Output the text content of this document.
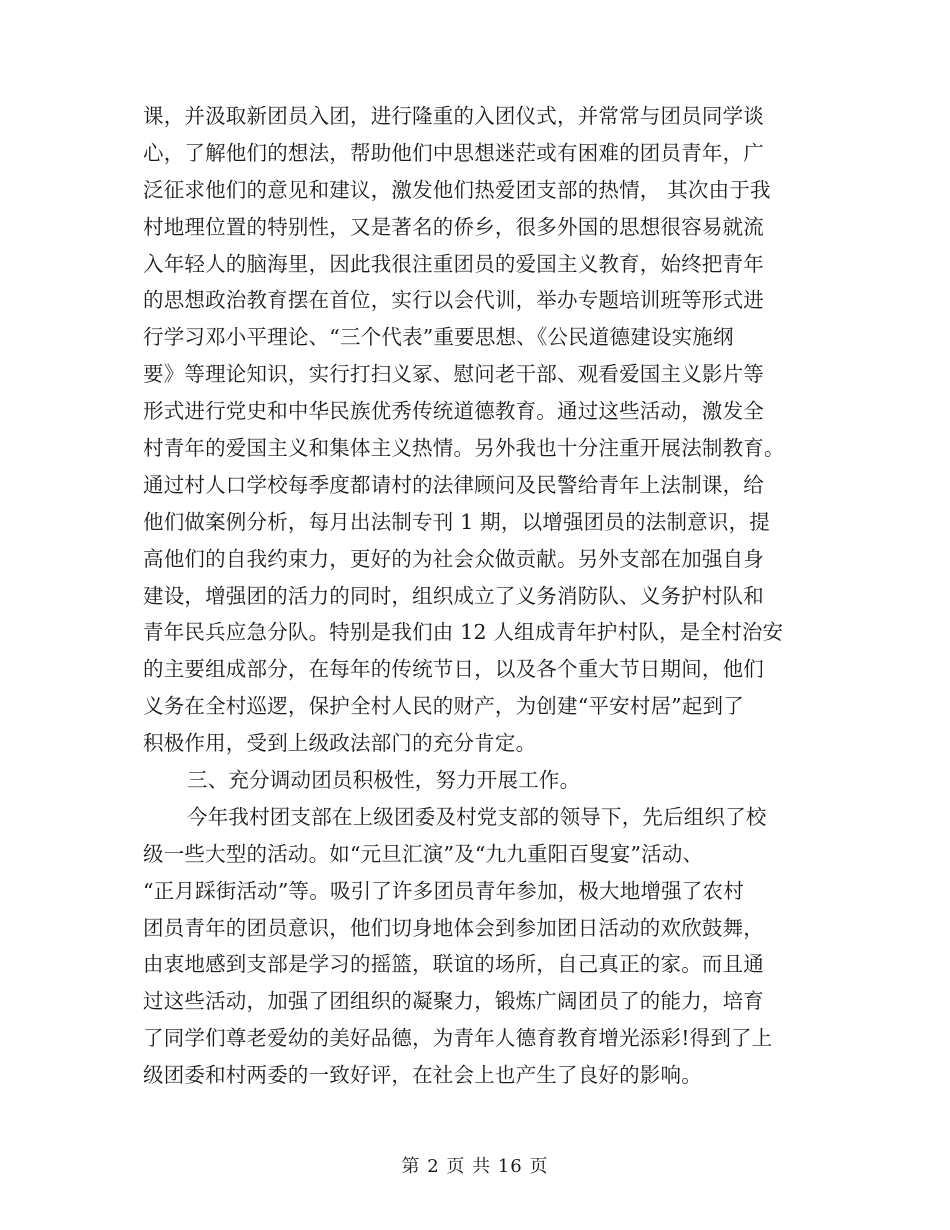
课，并汲取新团员入团，进行隆重的入团仪式，并常常与团员同学谈
心，了解他们的想法，帮助他们中思想迷茫或有困难的团员青年，广
泛征求他们的意见和建议，激发他们热爱团支部的热情， 其次由于我
村地理位置的特别性，又是著名的侨乡，很多外国的思想很容易就流
入年轻人的脑海里，因此我很注重团员的爱国主义教育，始终把青年
的思想政治教育摆在首位，实行以会代训，举办专题培训班等形式进
行学习邓小平理论、“三个代表”重要思想、《公民道德建设实施纲
要》等理论知识，实行打扫义冢、慰问老干部、观看爱国主义影片等
形式进行党史和中华民族优秀传统道德教育。通过这些活动，激发全
村青年的爱国主义和集体主义热情。另外我也十分注重开展法制教育。
通过村人口学校每季度都请村的法律顾问及民警给青年上法制课，给
他们做案例分析，每月出法制专刊 1 期，以增强团员的法制意识，提
高他们的自我约束力，更好的为社会众做贡献。另外支部在加强自身
建设，增强团的活力的同时，组织成立了义务消防队、义务护村队和
青年民兵应急分队。特别是我们由 12 人组成青年护村队，是全村治安
的主要组成部分，在每年的传统节日，以及各个重大节日期间，他们
义务在全村巡逻，保护全村人民的财产，为创建“平安村居”起到了
积极作用，受到上级政法部门的充分肯定。
三、充分调动团员积极性，努力开展工作。
今年我村团支部在上级团委及村党支部的领导下，先后组织了校
级一些大型的活动。如“元旦汇演”及“九九重阳百叟宴”活动、
“正月踩街活动”等。吸引了许多团员青年参加，极大地增强了农村
团员青年的团员意识，他们切身地体会到参加团日活动的欢欣鼓舞，
由衷地感到支部是学习的摇篮，联谊的场所，自己真正的家。而且通
过这些活动，加强了团组织的凝聚力，锻炼广阔团员了的能力，培育
了同学们尊老爱幼的美好品德，为青年人德育教育增光添彩!得到了上
级团委和村两委的一致好评，在社会上也产生了良好的影响。
第 2 页 共 16 页
